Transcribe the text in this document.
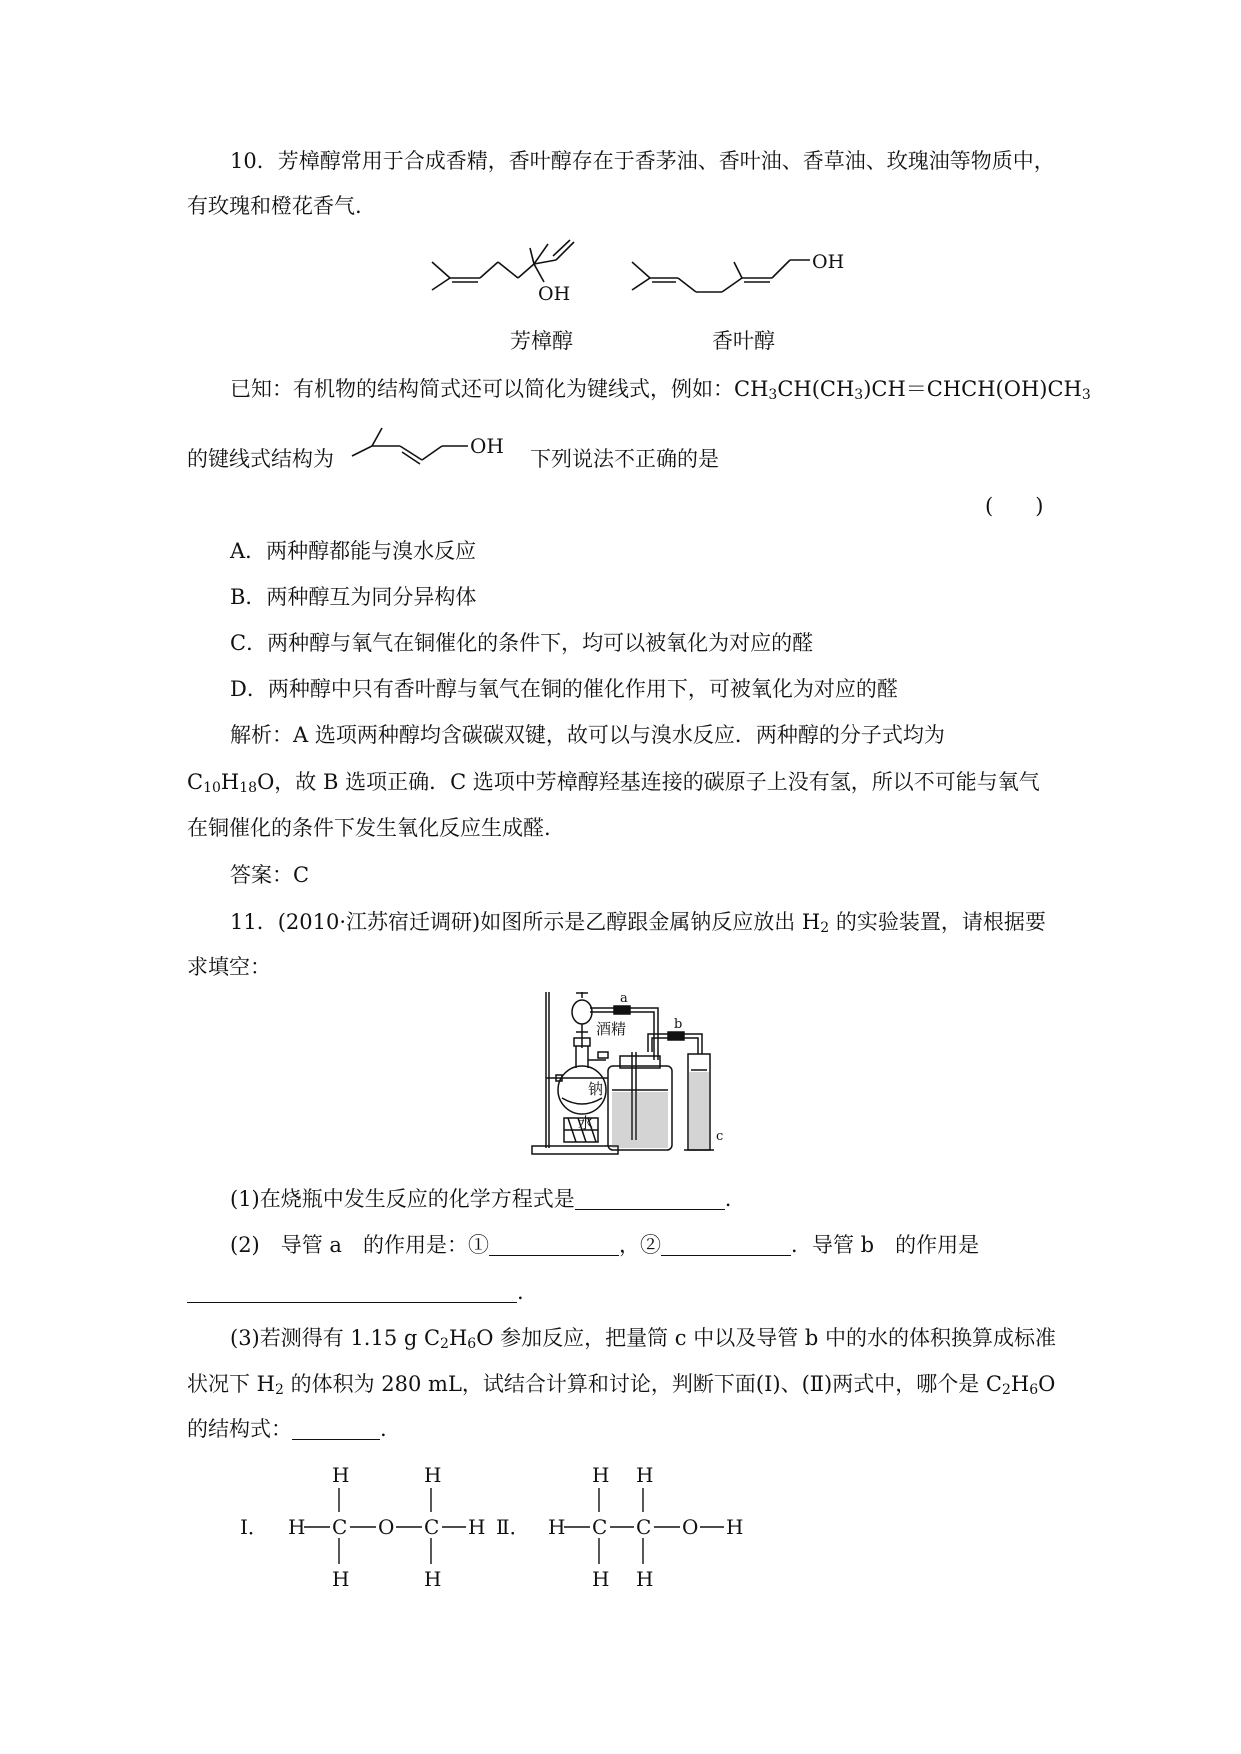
10．芳樟醇常用于合成香精，香叶醇存在于香茅油、香叶油、香草油、玫瑰油等物质中，
有玫瑰和橙花香气.
OH
OH
芳樟醇	香叶醇
已知：有机物的结构简式还可以简化为键线式，例如：$CH_3CH(CH_3)CH=CHCH(OH)CH_3$
的键线式结构为
OH
下列说法不正确的是
(　　)
A．两种醇都能与溴水反应
B．两种醇互为同分异构体
C．两种醇与氧气在铜催化的条件下，均可以被氧化为对应的醛
D．两种醇中只有香叶醇与氧气在铜的催化作用下，可被氧化为对应的醛
解析：A 选项两种醇均含碳碳双键，故可以与溴水反应．两种醇的分子式均为
$C_{10}H_{18}O$，故 B 选项正确．C 选项中芳樟醇羟基连接的碳原子上没有氢，所以不可能与氧气
在铜催化的条件下发生氧化反应生成醛.
答案：C
11．(2010·江苏宿迁调研)如图所示是乙醇跟金属钠反应放出 $H_2$ 的实验装置，请根据要
求填空：
a
酒精	b
钠
水
c
(1)在烧瓶中发生反应的化学方程式是	.
(2)　导管 a　的作用是：①	，②	．导管 b　的作用是
.
(3)若测得有 1.15 g $C_2H_6O$ 参加反应，把量筒 c 中以及导管 b 中的水的体积换算成标准
状况下 $H_2$ 的体积为 280 mL，试结合计算和讨论，判断下面(Ⅰ)、(Ⅱ)两式中，哪个是 $C_2H_6O$
的结构式：	.
Ⅰ． H C O C H
H	H
H	H
Ⅱ． H C C O H
H H
H H
